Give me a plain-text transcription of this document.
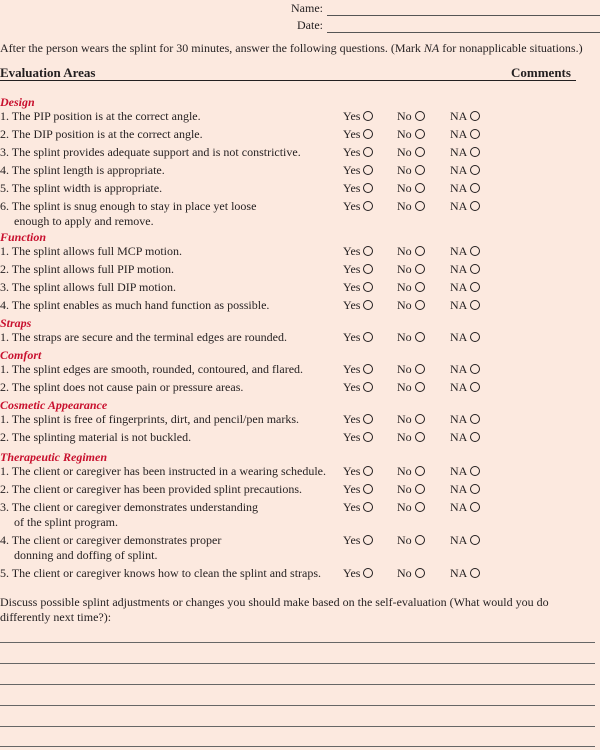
Name:
Date:
After the person wears the splint for 30 minutes, answer the following questions. (Mark NA for nonapplicable situations.)
Evaluation Areas	Comments
Design
1. The PIP position is at the correct angle.	Yes	No	NA
2. The DIP position is at the correct angle.	Yes	No	NA
3. The splint provides adequate support and is not constrictive.	Yes	No	NA
4. The splint length is appropriate.	Yes	No	NA
5. The splint width is appropriate.	Yes	No	NA
6. The splint is snug enough to stay in place yet loose
enough to apply and remove.
Yes	No	NA
Function
1. The splint allows full MCP motion.	Yes	No	NA
2. The splint allows full PIP motion.	Yes	No	NA
3. The splint allows full DIP motion.	Yes	No	NA
4. The splint enables as much hand function as possible.	Yes	No	NA
Straps
1. The straps are secure and the terminal edges are rounded.	Yes	No	NA
Comfort
1. The splint edges are smooth, rounded, contoured, and flared.	Yes	No	NA
2. The splint does not cause pain or pressure areas.	Yes	No	NA
Cosmetic Appearance
1. The splint is free of fingerprints, dirt, and pencil/pen marks.	Yes	No	NA
2. The splinting material is not buckled.	Yes	No	NA
Therapeutic Regimen
1. The client or caregiver has been instructed in a wearing schedule.	Yes	No	NA
2. The client or caregiver has been provided splint precautions.	Yes	No	NA
3. The client or caregiver demonstrates understanding
of the splint program.
Yes	No	NA
4. The client or caregiver demonstrates proper
donning and doffing of splint.
Yes	No	NA
5. The client or caregiver knows how to clean the splint and straps.	Yes	No	NA
Discuss possible splint adjustments or changes you should make based on the self-evaluation (What would you do differently next time?):
